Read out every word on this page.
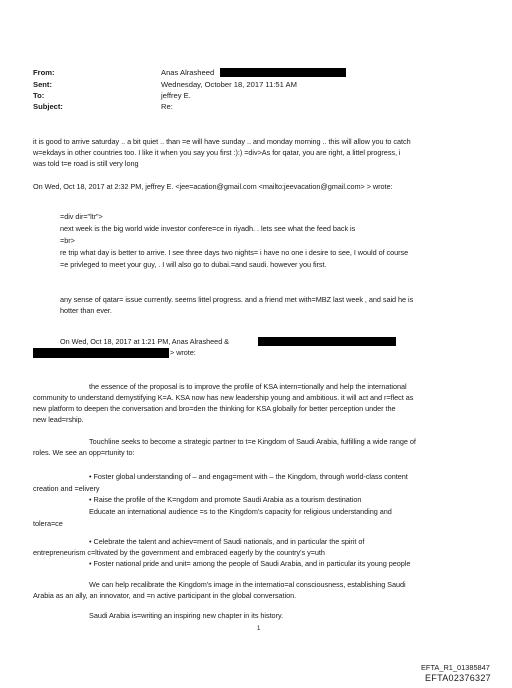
From:	Anas Alrasheed
Sent:	Wednesday, October 18, 2017 11:51 AM
To:	jeffrey E.
Subject:	Re:
it is good to arrive saturday .. a bit quiet .. than =e will have sunday .. and monday morning .. this will allow you to catch
w=ekdays in other countries too. I like it when you say you first :):) =div>As for qatar, you are right, a littel progress, i
was told t=e road is still very long
On Wed, Oct 18, 2017 at 2:32 PM, jeffrey E. <jee=acation@gmail.com <mailto:jeevacation@gmail.com> > wrote:
=div dir="ltr">
next week is the big world wide investor confere=ce in riyadh. . lets see what the feed back is
=br>
re trip what day is better to arrive. I see three days two nights= i have no one i desire to see, I would of course
=e privleged to meet your guy, . I will also go to dubai.=and saudi. however you first.
any sense of qatar= issue currently. seems littel progress. and a friend met with=MBZ last week , and said he is
hotter than ever.
On Wed, Oct 18, 2017 at 1:21 PM, Anas Alrasheed &
> wrote:
the essence of the proposal is to improve the profile of KSA intern=tionally and help the international
community to understand demystifying K=A. KSA now has new leadership young and ambitious. it will act and r=flect as
new platform to deepen the conversation and bro=den the thinking for KSA globally for better perception under the
new lead=rship.
Touchline seeks to become a strategic partner to t=e Kingdom of Saudi Arabia, fulfilling a wide range of
roles. We see an opp=rtunity to:
• Foster global understanding of – and engag=ment with – the Kingdom, through world-class content
creation and =elivery
• Raise the profile of the K=ngdom and promote Saudi Arabia as a tourism destination
Educate an international audience =s to the Kingdom's capacity for religious understanding and
tolera=ce
• Celebrate the talent and achiev=ment of Saudi nationals, and in particular the spirit of
entrepreneurism c=ltivated by the government and embraced eagerly by the country's y=uth
• Foster national pride and unit= among the people of Saudi Arabia, and in particular its young people
We can help recalibrate the Kingdom's image in the internatio=al consciousness, establishing Saudi
Arabia as an ally, an innovator, and =n active participant in the global conversation.
Saudi Arabia is=writing an inspiring new chapter in its history.
1
EFTA_R1_01385847
EFTA02376327
